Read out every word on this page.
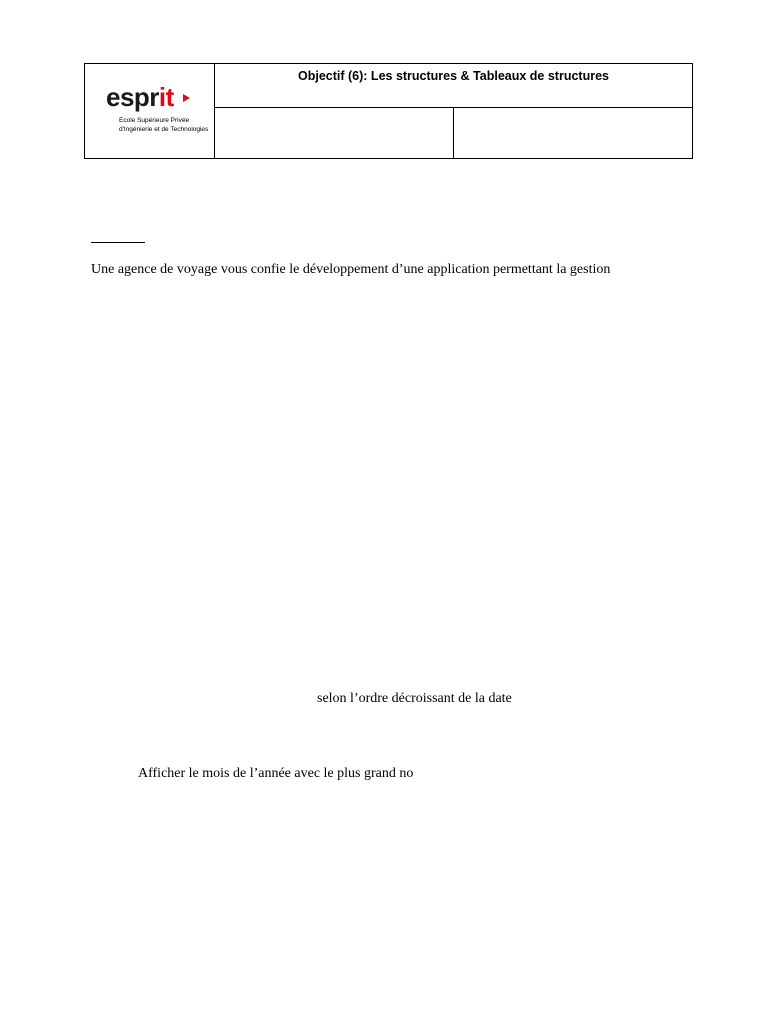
esprit
Ecole Supérieure Privée d'Ingénierie et de Technologies
Objectif (6): Les structures & Tableaux de structures
Une agence de voyage vous confie le développement d’une application permettant la gestion
selon l’ordre décroissant de la date
Afficher le mois de l’année avec le plus grand no
